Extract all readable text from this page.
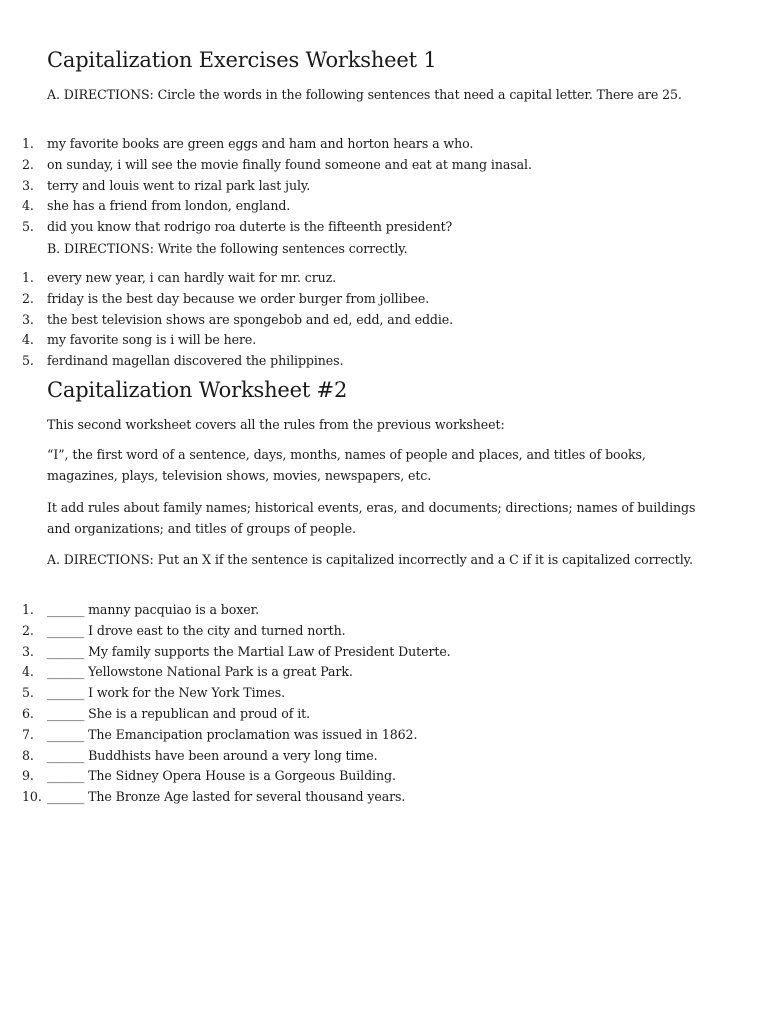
Capitalization Exercises Worksheet 1

A. DIRECTIONS: Circle the words in the following sentences that need a capital letter. There are 25.

1.	my favorite books are green eggs and ham and horton hears a who.
2.	on sunday, i will see the movie finally found someone and eat at mang inasal.
3.	terry and louis went to rizal park last july.
4.	she has a friend from london, england.
5.	did you know that rodrigo roa duterte is the fifteenth president?

B. DIRECTIONS: Write the following sentences correctly.

1.	every new year, i can hardly wait for mr. cruz.
2.	friday is the best day because we order burger from jollibee.
3.	the best television shows are spongebob and ed, edd, and eddie.
4.	my favorite song is i will be here.
5.	ferdinand magellan discovered the philippines.
Capitalization Worksheet #2

This second worksheet covers all the rules from the previous worksheet:

“I”, the first word of a sentence, days, months, names of people and places, and titles of books, magazines, plays, television shows, movies, newspapers, etc.

It add rules about family names; historical events, eras, and documents; directions; names of buildings and organizations; and titles of groups of people.

A. DIRECTIONS: Put an X if the sentence is capitalized incorrectly and a C if it is capitalized correctly.

1.	______ manny pacquiao is a boxer.
2.	______ I drove east to the city and turned north.
3.	______ My family supports the Martial Law of President Duterte.
4.	______ Yellowstone National Park is a great Park.
5.	______ I work for the New York Times.
6.	______ She is a republican and proud of it.
7.	______ The Emancipation proclamation was issued in 1862.
8.	______ Buddhists have been around a very long time.
9.	______ The Sidney Opera House is a Gorgeous Building.
10. ______ The Bronze Age lasted for several thousand years.
